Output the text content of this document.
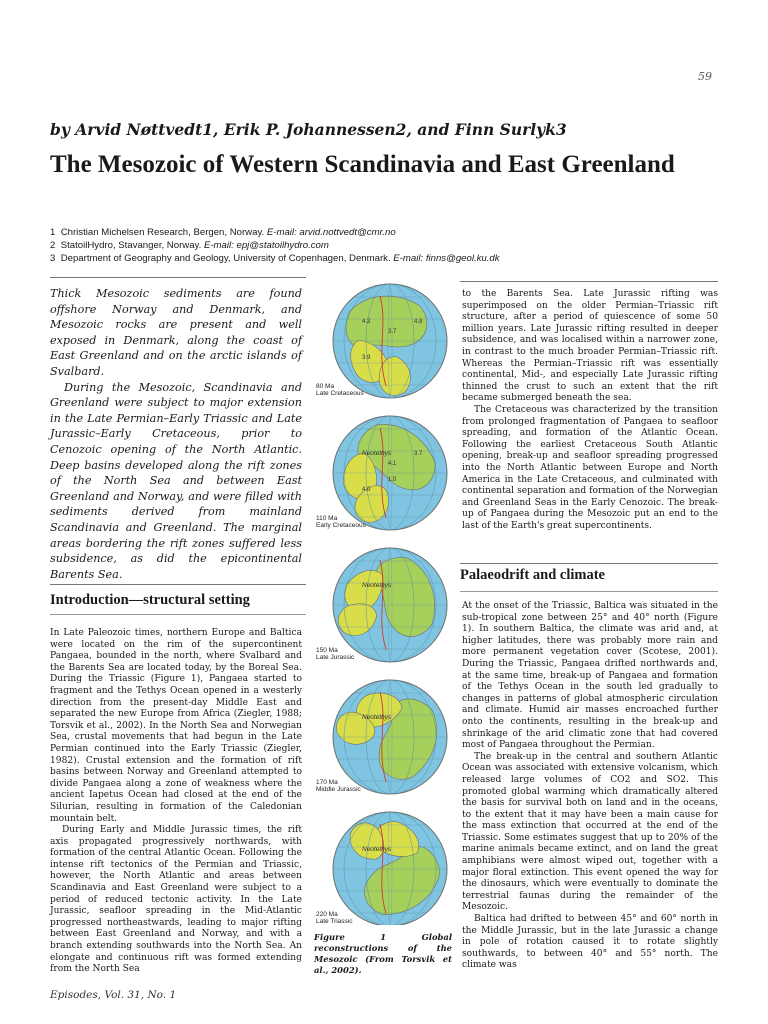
59
by Arvid Nøttvedt1, Erik P. Johannessen2, and Finn Surlyk3
The Mesozoic of Western Scandinavia and East Greenland
1 Christian Michelsen Research, Bergen, Norway. E-mail: arvid.nottvedt@cmr.no
2 StatoilHydro, Stavanger, Norway. E-mail: epj@statoilhydro.com
3 Department of Geography and Geology, University of Copenhagen, Denmark. E-mail: finns@geol.ku.dk

Thick Mesozoic sediments are found offshore Norway and Denmark, and Mesozoic rocks are present and well exposed in Denmark, along the coast of East Greenland and on the arctic islands of Svalbard.

During the Mesozoic, Scandinavia and Greenland were subject to major extension in the Late Permian–Early Triassic and Late Jurassic–Early Cretaceous, prior to Cenozoic opening of the North Atlantic. Deep basins developed along the rift zones of the North Sea and between East Greenland and Norway, and were filled with sediments derived from mainland Scandinavia and Greenland. The marginal areas bordering the rift zones suffered less subsidence, as did the epicontinental Barents Sea.

Introduction—structural setting

In Late Paleozoic times, northern Europe and Baltica were located on the rim of the supercontinent Pangaea, bounded in the north, where Svalbard and the Barents Sea are located today, by the Boreal Sea. During the Triassic (Figure 1), Pangaea started to fragment and the Tethys Ocean opened in a westerly direction from the present-day Middle East and separated the new Europe from Africa (Ziegler, 1988; Torsvik et al., 2002). In the North Sea and Norwegian Sea, crustal movements that had begun in the Late Permian continued into the Early Triassic (Ziegler, 1982). Crustal extension and the formation of rift basins between Norway and Greenland attempted to divide Pangaea along a zone of weakness where the ancient Iapetus Ocean had closed at the end of the Silurian, resulting in formation of the Caledonian mountain belt.

During Early and Middle Jurassic times, the rift axis propagated progressively northwards, with formation of the central Atlantic Ocean. Following the intense rift tectonics of the Permian and Triassic, however, the North Atlantic and areas between Scandinavia and East Greenland were subject to a period of reduced tectonic activity. In the Late Jurassic, seafloor spreading in the Mid-Atlantic progressed northeastwards, leading to major rifting between East Greenland and Norway, and with a branch extending southwards into the North Sea. An elongate and continuous rift was formed extending from the North Sea

4.3
3.7
4.8
3.9
80 Ma
Late Cretaceous
Neotethys
4.1
3.7
4.0
1.0
110 Ma
Early Cretaceous
Neotethys
150 Ma
Late Jurassic
Neotethys
170 Ma
Middle Jurassic
Neotethys
220 Ma
Late Triassic
Figure 1 Global reconstructions of the Mesozoic (From Torsvik et al., 2002).

to the Barents Sea. Late Jurassic rifting was superimposed on the older Permian–Triassic rift structure, after a period of quiescence of some 50 million years. Late Jurassic rifting resulted in deeper subsidence, and was localised within a narrower zone, in contrast to the much broader Permian–Triassic rift. Whereas the Permian–Triassic rift was essentially continental, Mid-, and especially Late Jurassic rifting thinned the crust to such an extent that the rift became submerged beneath the sea.

The Cretaceous was characterized by the transition from prolonged fragmentation of Pangaea to seafloor spreading, and formation of the Atlantic Ocean. Following the earliest Cretaceous South Atlantic opening, break-up and seafloor spreading progressed into the North Atlantic between Europe and North America in the Late Cretaceous, and culminated with continental separation and formation of the Norwegian and Greenland Seas in the Early Cenozoic. The break-up of Pangaea during the Mesozoic put an end to the last of the Earth's great supercontinents.

Palaeodrift and climate

At the onset of the Triassic, Baltica was situated in the sub-tropical zone between 25° and 40° north (Figure 1). In southern Baltica, the climate was arid and, at higher latitudes, there was probably more rain and more permanent vegetation cover (Scotese, 2001). During the Triassic, Pangaea drifted northwards and, at the same time, break-up of Pangaea and formation of the Tethys Ocean in the south led gradually to changes in patterns of global atmospheric circulation and climate. Humid air masses encroached further onto the continents, resulting in the break-up and shrinkage of the arid climatic zone that had covered most of Pangaea throughout the Permian.

The break-up in the central and southern Atlantic Ocean was associated with extensive volcanism, which released large volumes of CO2 and SO2. This promoted global warming which dramatically altered the basis for survival both on land and in the oceans, to the extent that it may have been a main cause for the mass extinction that occurred at the end of the Triassic. Some estimates suggest that up to 20% of the marine animals became extinct, and on land the great amphibians were almost wiped out, together with a major floral extinction. This event opened the way for the dinosaurs, which were eventually to dominate the terrestrial faunas during the remainder of the Mesozoic.

Baltica had drifted to between 45° and 60° north in the Middle Jurassic, but in the late Jurassic a change in pole of rotation caused it to rotate slightly southwards, to between 40° and 55° north. The climate was

Episodes, Vol. 31, No. 1
